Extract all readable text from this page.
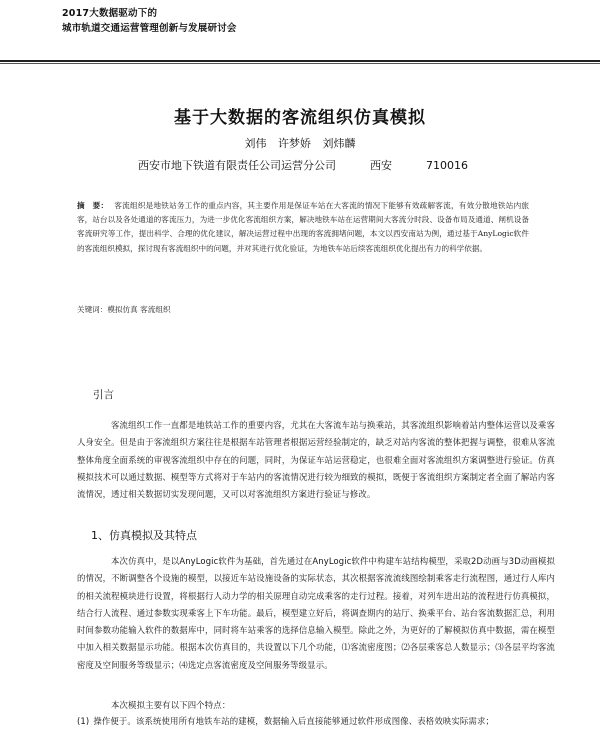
2017大数据驱动下的
城市轨道交通运营管理创新与发展研讨会
基于大数据的客流组织仿真模拟
刘伟 许梦娇 刘炜麟
西安市地下铁道有限责任公司运营分公司	西安	710016
摘　要： 客流组织是地铁站务工作的重点内容，其主要作用是保证车站在大客流的情况下能够有效疏解客流，有效分散地铁站内旅客，站台以及各处通道的客流压力，为进一步优化客流组织方案，解决地铁车站在运营期间大客流分时段、设备布局及通道、闸机设备客流研究等工作，提出科学、合理的优化建议，解决运营过程中出现的客流拥堵问题，本文以西安南站为例，通过基于AnyLogic软件的客流组织模拟，探讨现有客流组织中的问题，并对其进行优化验证，为地铁车站后续客流组织优化提出有力的科学依据。
关键词：模拟仿真 客流组织
引言
客流组织工作一直都是地铁站工作的重要内容，尤其在大客流车站与换乘站，其客流组织影响着站内整体运营以及乘客人身安全。但是由于客流组织方案往往是根据车站管理者根据运营经验制定的，缺乏对站内客流的整体把握与调整，很难从客流整体角度全面系统的审视客流组织中存在的问题，同时，为保证车站运营稳定，也很难全面对客流组织方案调整进行验证。仿真模拟技术可以通过数据、模型等方式将对于车站内的客流情况进行较为细致的模拟，既便于客流组织方案制定者全面了解站内客流情况，透过相关数据切实发现问题，又可以对客流组织方案进行验证与修改。
1、仿真模拟及其特点
本次仿真中，是以AnyLogic软件为基础，首先通过在AnyLogic软件中构建车站结构模型，采取2D动画与3D动画模拟的情况，不断调整各个设施的模型，以接近车站设施设备的实际状态，其次根据客流流线图绘制乘客走行流程图，通过行人库内的相关流程模块进行设置，将根据行人动力学的相关原理自动完成乘客的走行过程。接着，对列车进出站的流程进行仿真模拟，结合行人流程、通过参数实现乘客上下车功能。最后，模型建立好后，将调查期内的站厅、换乘平台、站台客流数据汇总，利用时间参数功能输入软件的数据库中，同时将车站乘客的选择信息输入模型。除此之外，为更好的了解模拟仿真中数据，需在模型中加入相关数据显示功能。根据本次仿真目的，共设置以下几个功能，⑴客流密度图；⑵各层乘客总人数显示；⑶各层平均客流密度及空间服务等级显示；⑷选定点客流密度及空间服务等级显示。
本次模拟主要有以下四个特点：
(1) 操作便于。该系统使用所有地铁车站的建模，数据输入后直接能够通过软件形成图像、表格效映实际需求；
